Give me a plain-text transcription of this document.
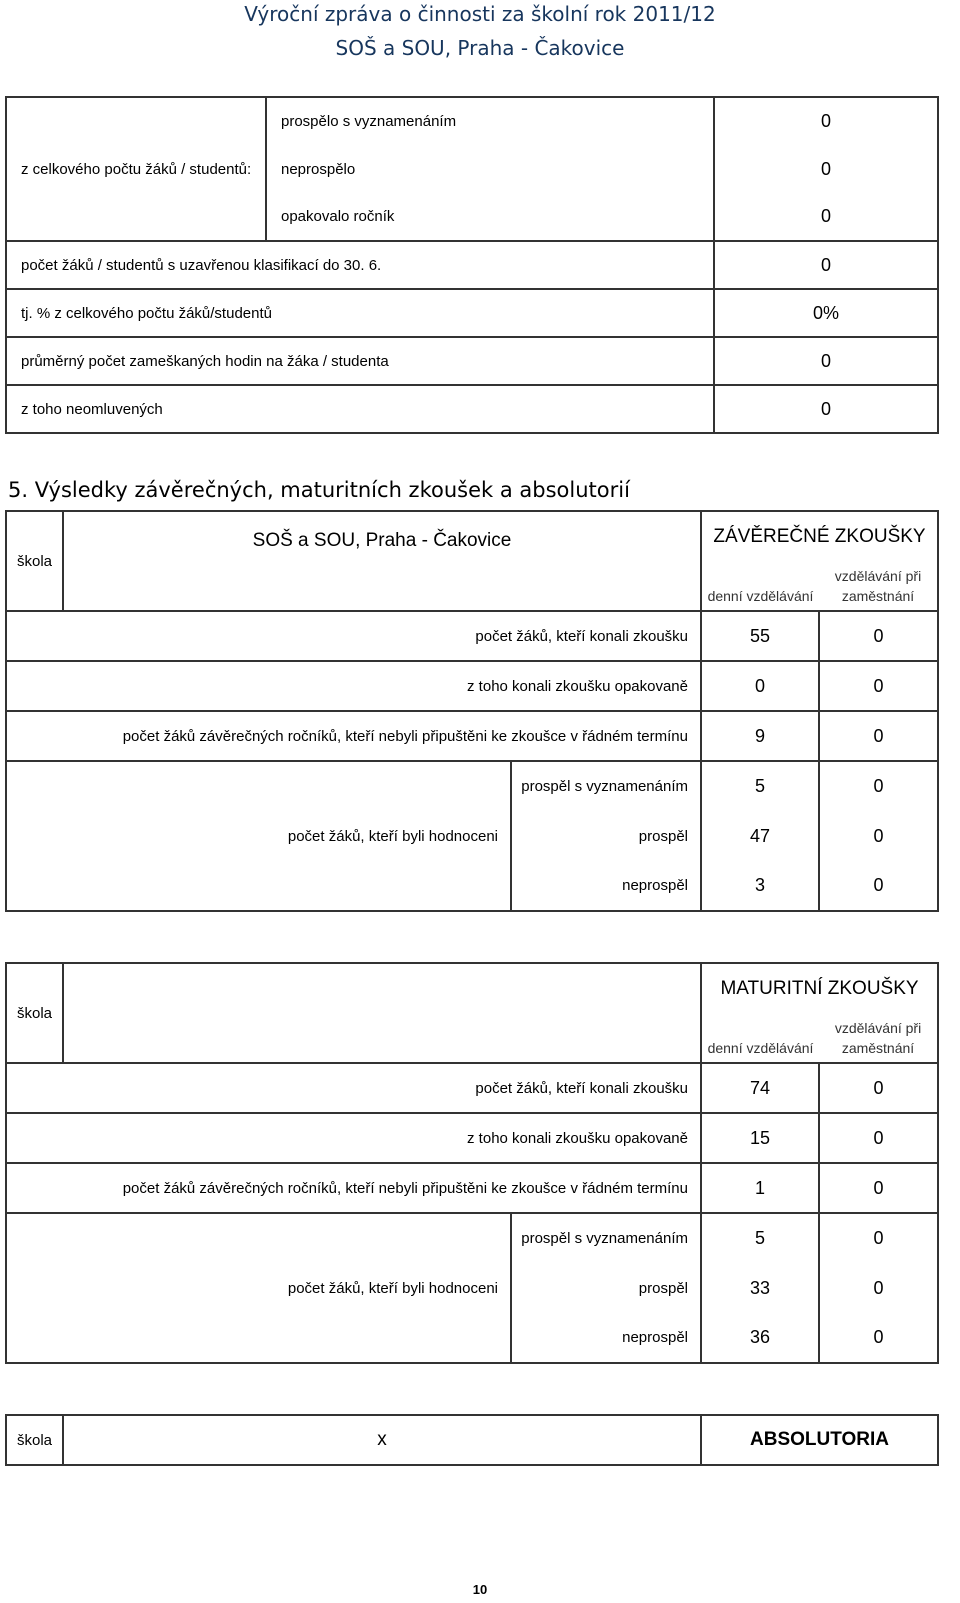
Výroční zpráva o činnosti za školní rok 2011/12
SOŠ a SOU, Praha - Čakovice
z celkového počtu žáků / studentů:	prospělo s vyznamenáním	0
	neprospělo	0
	opakovalo ročník	0
počet žáků / studentů s uzavřenou klasifikací do 30. 6.		0
tj. % z celkového počtu žáků/studentů		0%
průměrný počet zameškaných hodin na žáka / studenta		0
z toho neomluvených		0
5. Výsledky závěrečných, maturitních zkoušek a absolutorií
škola	SOŠ a SOU, Praha - Čakovice		ZÁVĚREČNÉ ZKOUŠKY	
			denní vzdělávání	vzdělávání při zaměstnání
počet žáků, kteří konali zkoušku			55	0
z toho konali zkoušku opakovaně			0	0
počet žáků závěrečných ročníků, kteří nebyli připuštěni ke zkoušce v řádném termínu			9	0
počet žáků, kteří byli hodnoceni		prospěl s vyznamenáním	5	0
		prospěl	47	0
		neprospěl	3	0
škola			MATURITNÍ ZKOUŠKY	
			denní vzdělávání	vzdělávání při zaměstnání
počet žáků, kteří konali zkoušku			74	0
z toho konali zkoušku opakovaně			15	0
počet žáků závěrečných ročníků, kteří nebyli připuštěni ke zkoušce v řádném termínu			1	0
počet žáků, kteří byli hodnoceni		prospěl s vyznamenáním	5	0
		prospěl	33	0
		neprospěl	36	0
škola	x	ABSOLUTORIA
10
